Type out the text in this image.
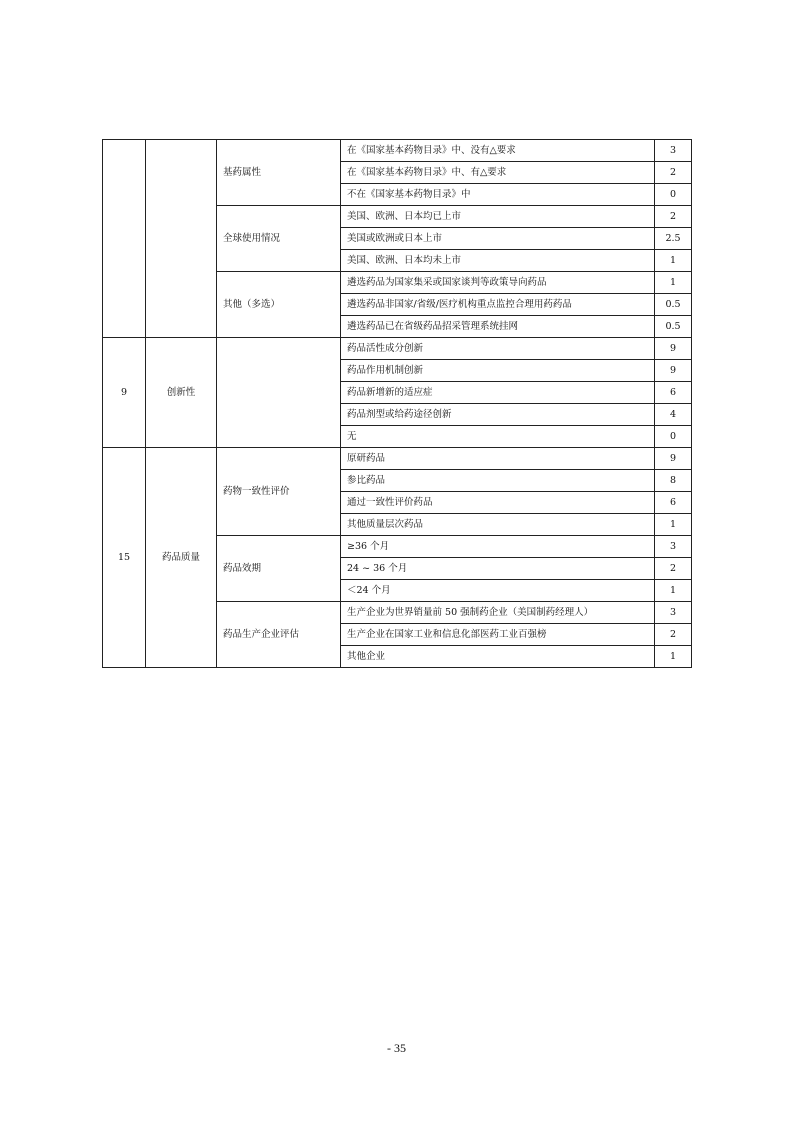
		基药属性	在《国家基本药物目录》中、没有△要求	3
			在《国家基本药物目录》中、有△要求	2
			不在《国家基本药物目录》中	0
		全球使用情况	美国、欧洲、日本均已上市	2
			美国或欧洲或日本上市	2.5
			美国、欧洲、日本均未上市	1
		其他（多选）	遴选药品为国家集采或国家谈判等政策导向药品	1
			遴选药品非国家/省级/医疗机构重点监控合理用药药品	0.5
			遴选药品已在省级药品招采管理系统挂网	0.5
9	创新性		药品活性成分创新	9
			药品作用机制创新	9
			药品新增新的适应症	6
			药品剂型或给药途径创新	4
			无	0
15	药品质量	药物一致性评价	原研药品	9
			参比药品	8
			通过一致性评价药品	6
			其他质量层次药品	1
		药品效期	≥36 个月	3
			24 ~ 36 个月	2
			＜24 个月	1
		药品生产企业评估	生产企业为世界销量前 50 强制药企业（美国制药经理人）	3
			生产企业在国家工业和信息化部医药工业百强榜	2
			其他企业	1
- 35
